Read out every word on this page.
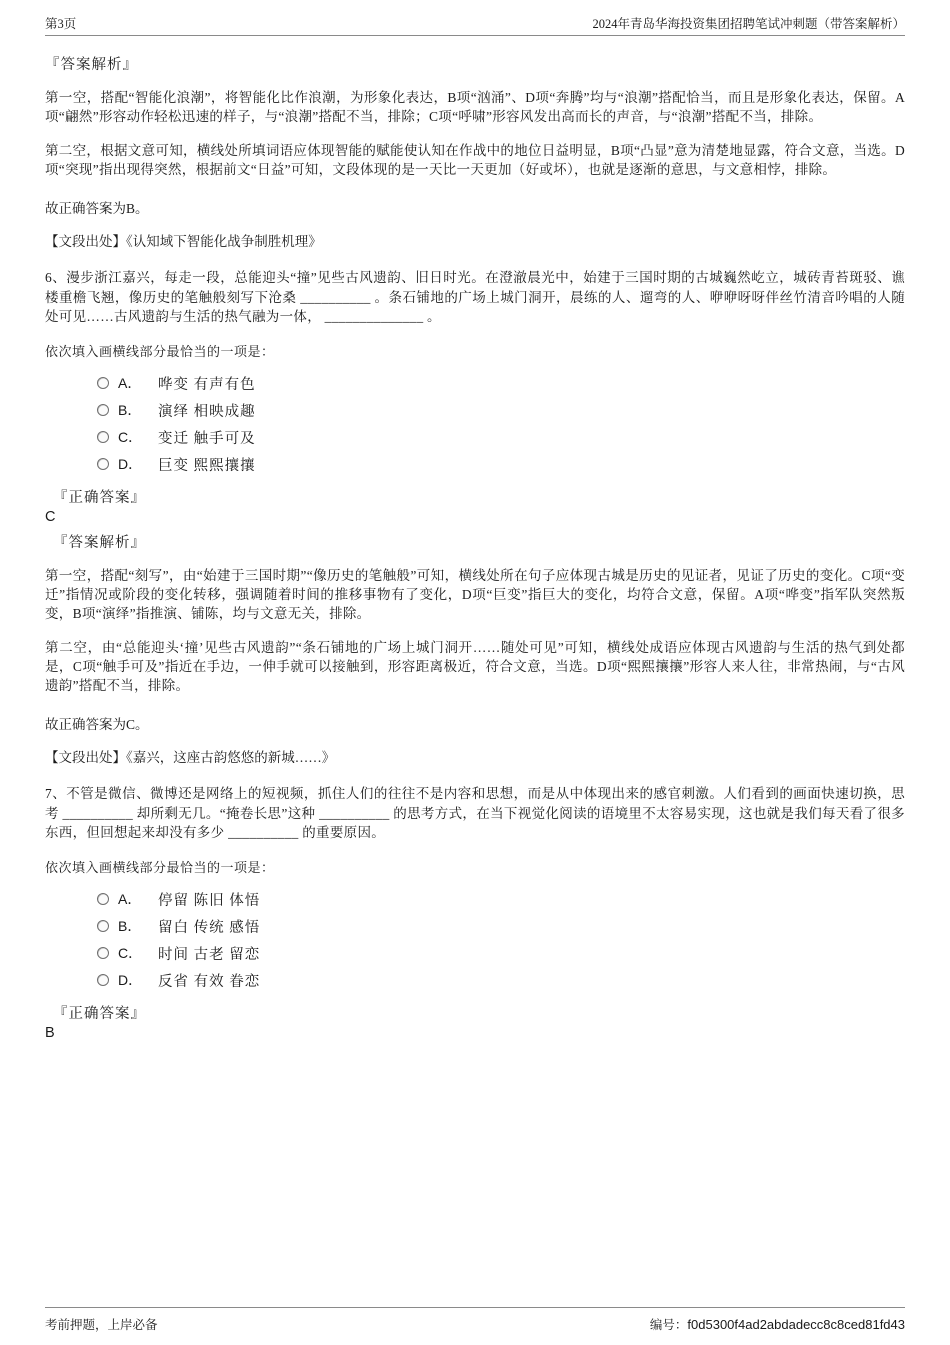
第3页	2024年青岛华海投资集团招聘笔试冲刺题（带答案解析）
『答案解析』
第一空，搭配“智能化浪潮”，将智能化比作浪潮，为形象化表达，B项“汹涌”、D项“奔腾”均与“浪潮”搭配恰当，而且是形象化表达，保留。A项“翩然”形容动作轻松迅速的样子，与“浪潮”搭配不当，排除；C项“呼啸”形容风发出高而长的声音，与“浪潮”搭配不当，排除。
第二空，根据文意可知，横线处所填词语应体现智能的赋能使认知在作战中的地位日益明显，B项“凸显”意为清楚地显露，符合文意，当选。D项“突现”指出现得突然，根据前文“日益”可知，文段体现的是一天比一天更加（好或坏），也就是逐渐的意思，与文意相悖，排除。
故正确答案为B。
【文段出处】《认知域下智能化战争制胜机理》
6、漫步浙江嘉兴，每走一段，总能迎头“撞”见些古风遗韵、旧日时光。在澄澈晨光中，始建于三国时期的古城巍然屹立，城砖青苔斑驳、谯楼重檐飞翘，像历史的笔触般刻写下沧桑 __________ 。条石铺地的广场上城门洞开，晨练的人、遛弯的人、咿咿呀呀伴丝竹清音吟唱的人随处可见……古风遗韵与生活的热气融为一体， ______________ 。
依次填入画横线部分最恰当的一项是：
A．	哗变 有声有色
B．	演绎 相映成趣
C．	变迁 触手可及
D．	巨变 熙熙攘攘
『正确答案』
C
『答案解析』
第一空，搭配“刻写”，由“始建于三国时期”“像历史的笔触般”可知，横线处所在句子应体现古城是历史的见证者，见证了历史的变化。C项“变迁”指情况或阶段的变化转移，强调随着时间的推移事物有了变化，D项“巨变”指巨大的变化，均符合文意，保留。A项“哗变”指军队突然叛变，B项“演绎”指推演、铺陈，均与文意无关，排除。
第二空，由“总能迎头‘撞’见些古风遗韵”“条石铺地的广场上城门洞开……随处可见”可知，横线处成语应体现古风遗韵与生活的热气到处都是，C项“触手可及”指近在手边，一伸手就可以接触到，形容距离极近，符合文意，当选。D项“熙熙攘攘”形容人来人往，非常热闹，与“古风遗韵”搭配不当，排除。
故正确答案为C。
【文段出处】《嘉兴，这座古韵悠悠的新城……》
7、不管是微信、微博还是网络上的短视频，抓住人们的往往不是内容和思想，而是从中体现出来的感官刺激。人们看到的画面快速切换，思考 __________ 却所剩无几。“掩卷长思”这种 __________ 的思考方式，在当下视觉化阅读的语境里不太容易实现，这也就是我们每天看了很多东西，但回想起来却没有多少 __________ 的重要原因。
依次填入画横线部分最恰当的一项是：
A．	停留 陈旧 体悟
B．	留白 传统 感悟
C．	时间 古老 留恋
D．	反省 有效 眷恋
『正确答案』
B
考前押题，上岸必备	编号：f0d5300f4ad2abdadecc8c8ced81fd43
